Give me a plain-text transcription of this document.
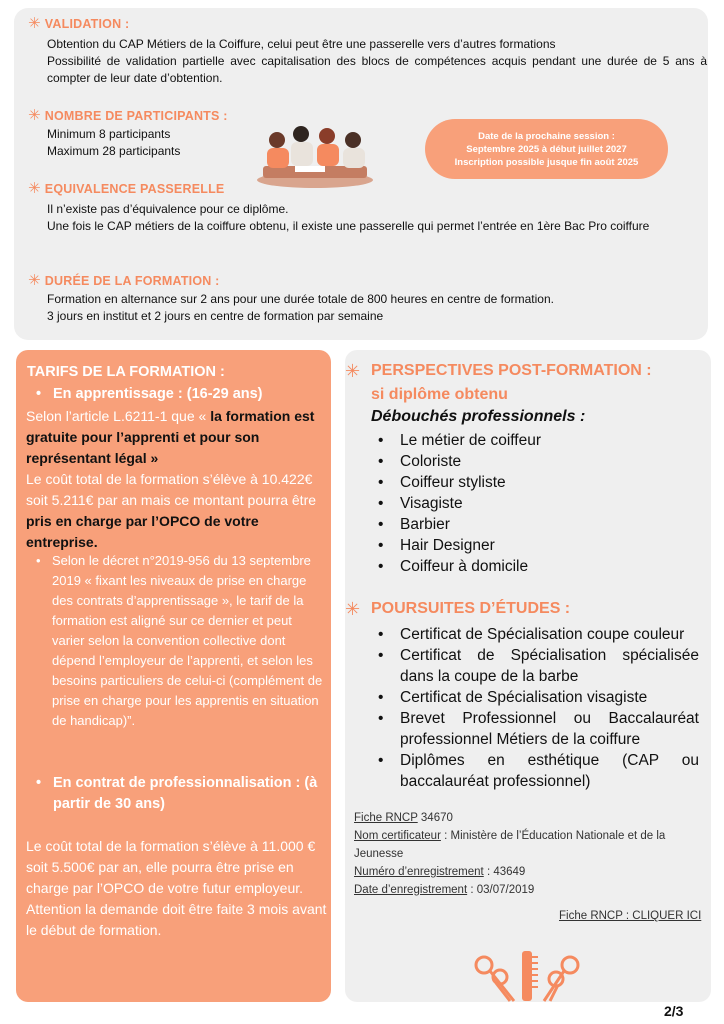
✳ VALIDATION :
Obtention du CAP Métiers de la Coiffure, celui peut être une passerelle vers d’autres formations
Possibilité de validation partielle avec capitalisation des blocs de compétences acquis pendant une durée de 5 ans à compter de leur date d’obtention.
✳ NOMBRE DE PARTICIPANTS :
Minimum 8 participants
Maximum 28 participants
Date de la prochaine session :
Septembre 2025 à début juillet 2027
Inscription possible jusque fin août 2025
✳ EQUIVALENCE PASSERELLE
Il n’existe pas d’équivalence pour ce diplôme.
Une fois le CAP métiers de la coiffure obtenu, il existe une passerelle qui permet l’entrée en 1ère Bac Pro coiffure
✳ DURÉE DE LA FORMATION :
Formation en alternance sur 2 ans pour une durée totale de 800 heures en centre de formation.
3 jours en institut et 2 jours en centre de formation par semaine
TARIFS DE LA FORMATION :
• En apprentissage : (16-29 ans)
Selon l’article L.6211-1 que « la formation est gratuite pour l’apprenti et pour son représentant légal »
Le coût total de la formation s’élève à 10.422€ soit 5.211€ par an mais ce montant pourra être pris en charge par l’OPCO de votre entreprise.
• Selon le décret n°2019-956 du 13 septembre 2019 « fixant les niveaux de prise en charge des contrats d’apprentissage », le tarif de la formation est aligné sur ce dernier et peut varier selon la convention collective dont dépend l’employeur de l’apprenti, et selon les besoins particuliers de celui-ci (complément de prise en charge pour les apprentis en situation de handicap)”.
• En contrat de professionnalisation : (à partir de 30 ans)
Le coût total de la formation s’élève à 11.000 € soit 5.500€ par an, elle pourra être prise en charge par l’OPCO de votre futur employeur. Attention la demande doit être faite 3 mois avant le début de formation.
✳ PERSPECTIVES POST-FORMATION :
si diplôme obtenu
Débouchés professionnels :
•	Le métier de coiffeur
•	Coloriste
•	Coiffeur styliste
•	Visagiste
•	Barbier
•	Hair Designer
•	Coiffeur à domicile
✳ POURSUITES D’ÉTUDES :
•	Certificat de Spécialisation coupe couleur
•	Certificat de Spécialisation spécialisée dans la coupe de la barbe
•	Certificat de Spécialisation visagiste
•	Brevet Professionnel ou Baccalauréat professionnel Métiers de la coiffure
•	Diplômes en esthétique (CAP ou baccalauréat professionnel)
Fiche RNCP 34670
Nom certificateur : Ministère de l’Éducation Nationale et de la Jeunesse
Numéro d’enregistrement : 43649
Date d’enregistrement : 03/07/2019
Fiche RNCP : CLIQUER ICI
2/3
